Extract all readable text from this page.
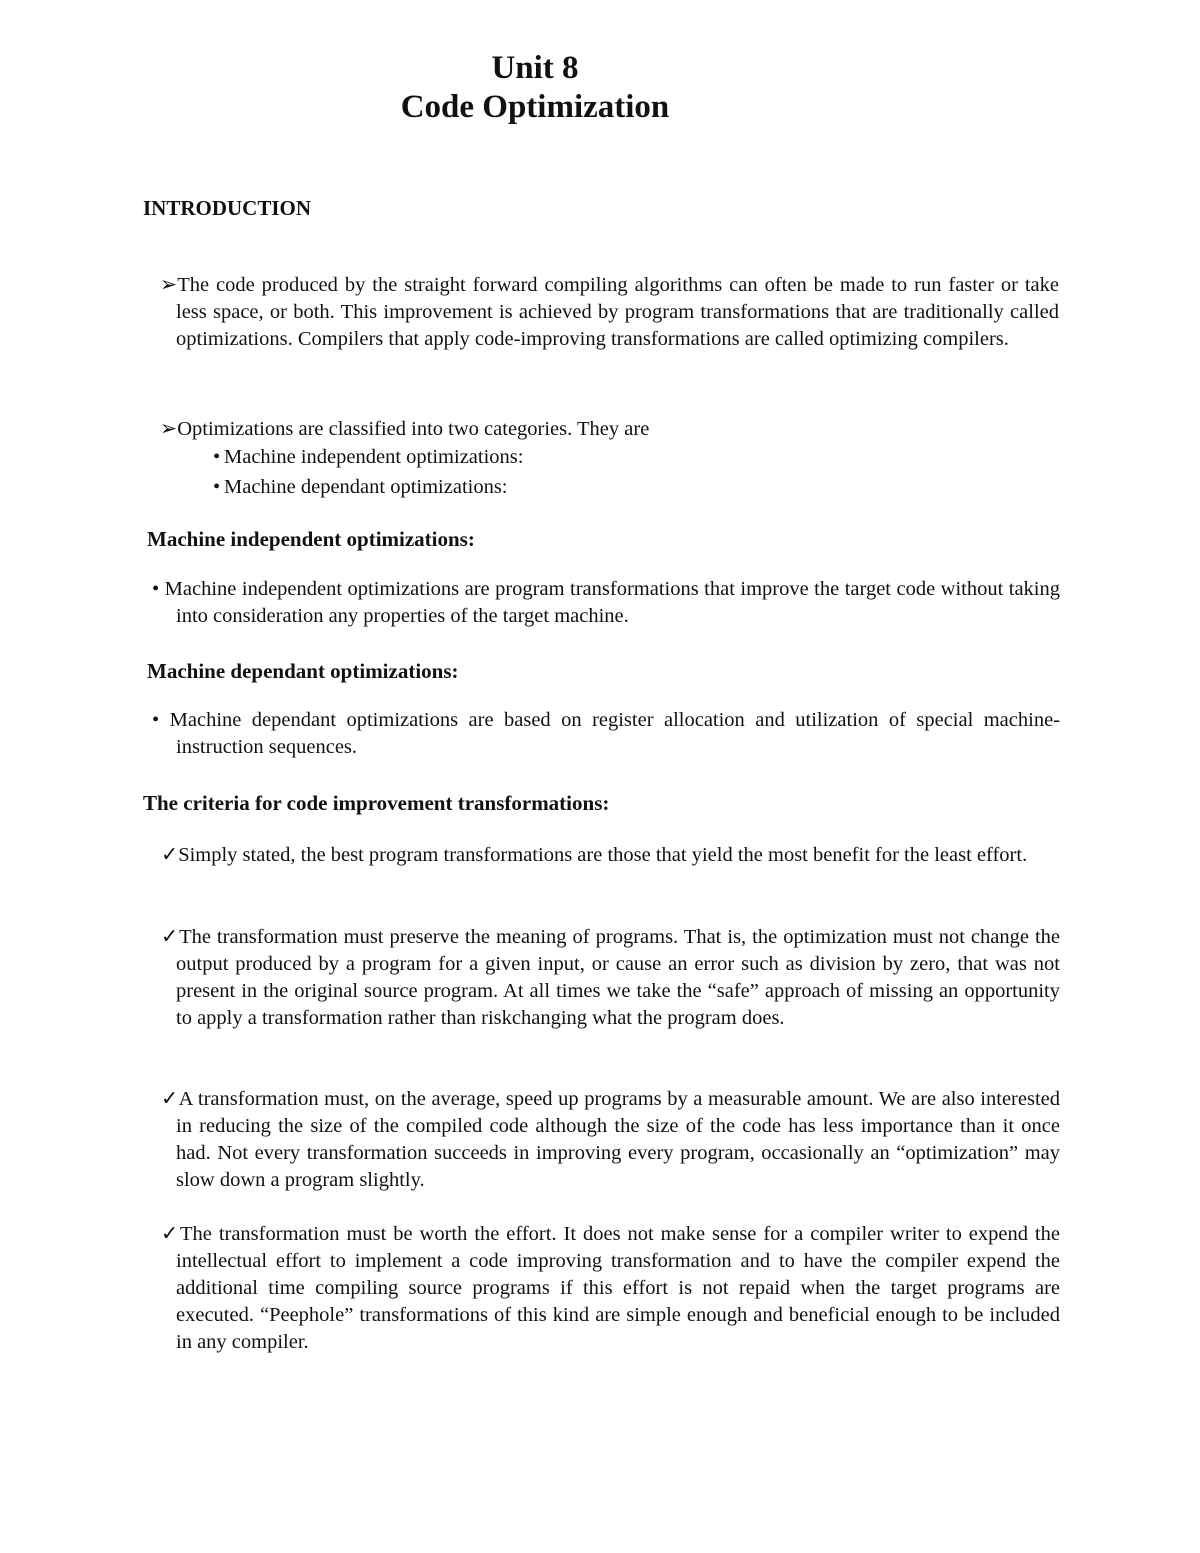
Unit 8
Code Optimization
INTRODUCTION
➢The code produced by the straight forward compiling algorithms can often be made to run faster or take less space, or both. This improvement is achieved by program transformations that are traditionally called optimizations. Compilers that apply code-improving transformations are called optimizing compilers.
➢Optimizations are classified into two categories. They are
• Machine independent optimizations:
• Machine dependant optimizations:
Machine independent optimizations:
• Machine independent optimizations are program transformations that improve the target code without taking into consideration any properties of the target machine.
Machine dependant optimizations:
• Machine dependant optimizations are based on register allocation and utilization of special machine-instruction sequences.
The criteria for code improvement transformations:
✓Simply stated, the best program transformations are those that yield the most benefit for the least effort.
✓The transformation must preserve the meaning of programs. That is, the optimization must not change the output produced by a program for a given input, or cause an error such as division by zero, that was not present in the original source program. At all times we take the “safe” approach of missing an opportunity to apply a transformation rather than riskchanging what the program does.
✓A transformation must, on the average, speed up programs by a measurable amount. We are also interested in reducing the size of the compiled code although the size of the code has less importance than it once had. Not every transformation succeeds in improving every program, occasionally an “optimization” may slow down a program slightly.
✓The transformation must be worth the effort. It does not make sense for a compiler writer to expend the intellectual effort to implement a code improving transformation and to have the compiler expend the additional time compiling source programs if this effort is not repaid when the target programs are executed. “Peephole” transformations of this kind are simple enough and beneficial enough to be included in any compiler.
